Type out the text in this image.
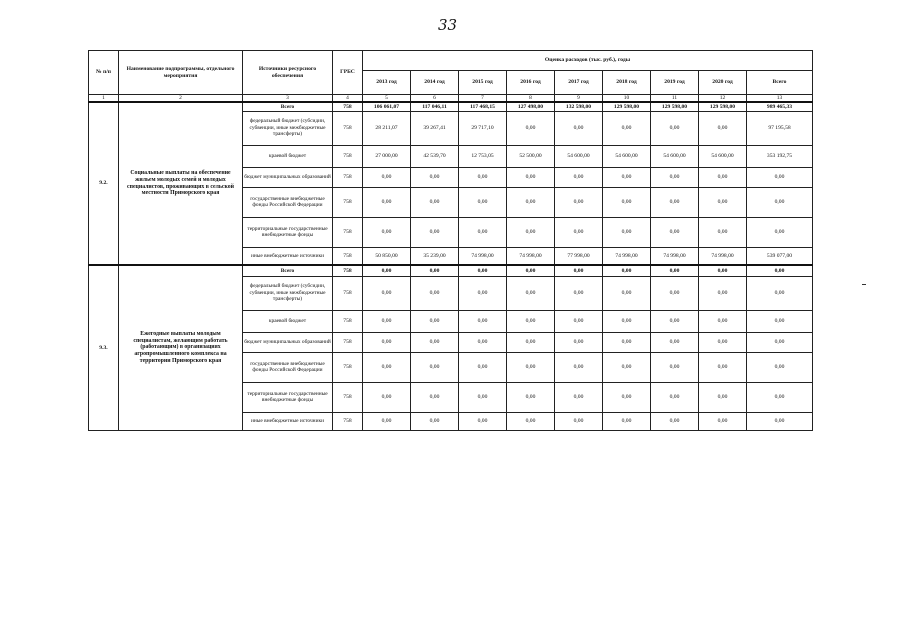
33
№ п/п	Наименование подпрограммы, отдельного мероприятия	Источники ресурсного обеспечения	ГРБС	Оценка расходов (тыс. руб.), годы								
				2013 год	2014 год	2015 год	2016 год	2017 год	2018 год	2019 год	2020 год	Всего
1	2	3	4	5	6	7	8	9	10	11	12	13
9.2.	Социальные выплаты на обеспечение жильем молодых семей и молодых специалистов, проживающих в сельской местности Приморского края	Всего	758	106 061,07	117 046,11	117 468,15	127 498,00	132 598,00	129 598,00	129 598,00	129 598,00	989 465,33
		федеральный бюджет (субсидии, субвенции, иные межбюджетные трансферты)	758	28 211,07	39 267,41	29 717,10	0,00	0,00	0,00	0,00	0,00	97 195,58
		краевой бюджет	758	27 000,00	42 539,70	12 753,05	52 500,00	54 600,00	54 600,00	54 600,00	54 600,00	353 192,75
		бюджет муниципальных образований	758	0,00	0,00	0,00	0,00	0,00	0,00	0,00	0,00	0,00
		государственные внебюджетные фонды Российской Федерации	758	0,00	0,00	0,00	0,00	0,00	0,00	0,00	0,00	0,00
		территориальные государственные внебюджетные фонды	758	0,00	0,00	0,00	0,00	0,00	0,00	0,00	0,00	0,00
		иные внебюджетные источники	758	50 850,00	35 239,00	74 998,00	74 998,00	77 998,00	74 998,00	74 998,00	74 998,00	539 077,00
9.3.	Ежегодные выплаты молодым специалистам, желающим работать (работающим) в организациях агропромышленного комплекса на территории Приморского края	Всего	758	0,00	0,00	0,00	0,00	0,00	0,00	0,00	0,00	0,00
		федеральный бюджет (субсидии, субвенции, иные межбюджетные трансферты)	758	0,00	0,00	0,00	0,00	0,00	0,00	0,00	0,00	0,00
		краевой бюджет	758	0,00	0,00	0,00	0,00	0,00	0,00	0,00	0,00	0,00
		бюджет муниципальных образований	758	0,00	0,00	0,00	0,00	0,00	0,00	0,00	0,00	0,00
		государственные внебюджетные фонды Российской Федерации	758	0,00	0,00	0,00	0,00	0,00	0,00	0,00	0,00	0,00
		территориальные государственные внебюджетные фонды	758	0,00	0,00	0,00	0,00	0,00	0,00	0,00	0,00	0,00
		иные внебюджетные источники	758	0,00	0,00	0,00	0,00	0,00	0,00	0,00	0,00	0,00
